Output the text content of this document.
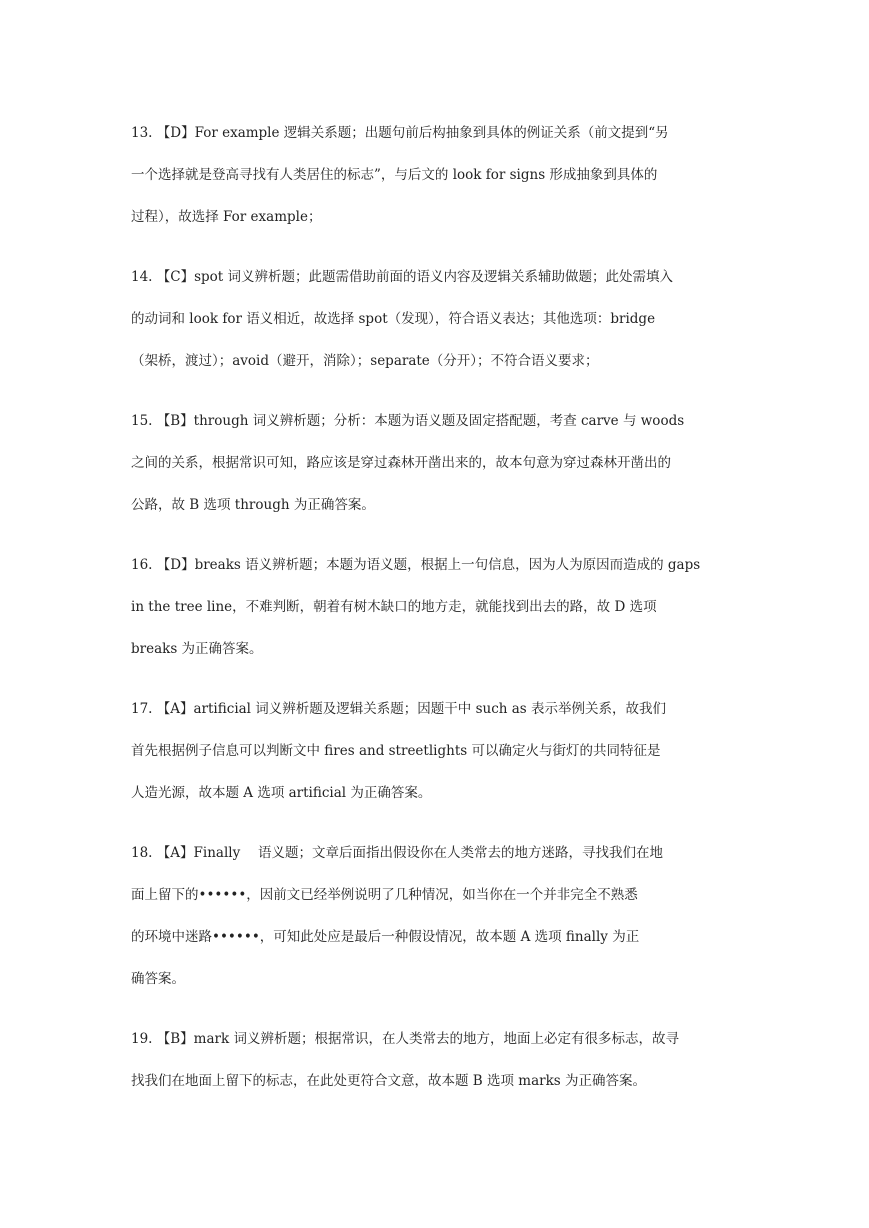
13. 【D】For example 逻辑关系题；出题句前后构抽象到具体的例证关系（前文提到“另
一个选择就是登高寻找有人类居住的标志”，与后文的 look for signs 形成抽象到具体的
过程），故选择 For example；
14. 【C】spot 词义辨析题；此题需借助前面的语义内容及逻辑关系辅助做题；此处需填入
的动词和 look for 语义相近，故选择 spot（发现），符合语义表达；其他选项：bridge
（架桥，渡过）；avoid（避开，消除）；separate（分开）；不符合语义要求；
15. 【B】through 词义辨析题；分析：本题为语义题及固定搭配题，考查 carve 与 woods
之间的关系，根据常识可知，路应该是穿过森林开凿出来的，故本句意为穿过森林开凿出的
公路，故 B 选项 through 为正确答案。
16. 【D】breaks 语义辨析题；本题为语义题，根据上一句信息，因为人为原因而造成的 gaps
in the tree line，不难判断，朝着有树木缺口的地方走，就能找到出去的路，故 D 选项
breaks 为正确答案。
17. 【A】artificial 词义辨析题及逻辑关系题；因题干中 such as 表示举例关系，故我们
首先根据例子信息可以判断文中 fires and streetlights 可以确定火与街灯的共同特征是
人造光源，故本题 A 选项 artificial 为正确答案。
18. 【A】Finally　 语义题；文章后面指出假设你在人类常去的地方迷路，寻找我们在地
面上留下的••••••，因前文已经举例说明了几种情况，如当你在一个并非完全不熟悉
的环境中迷路••••••，可知此处应是最后一种假设情况，故本题 A 选项 finally 为正
确答案。
19. 【B】mark 词义辨析题；根据常识，在人类常去的地方，地面上必定有很多标志，故寻
找我们在地面上留下的标志，在此处更符合文意，故本题 B 选项 marks 为正确答案。
